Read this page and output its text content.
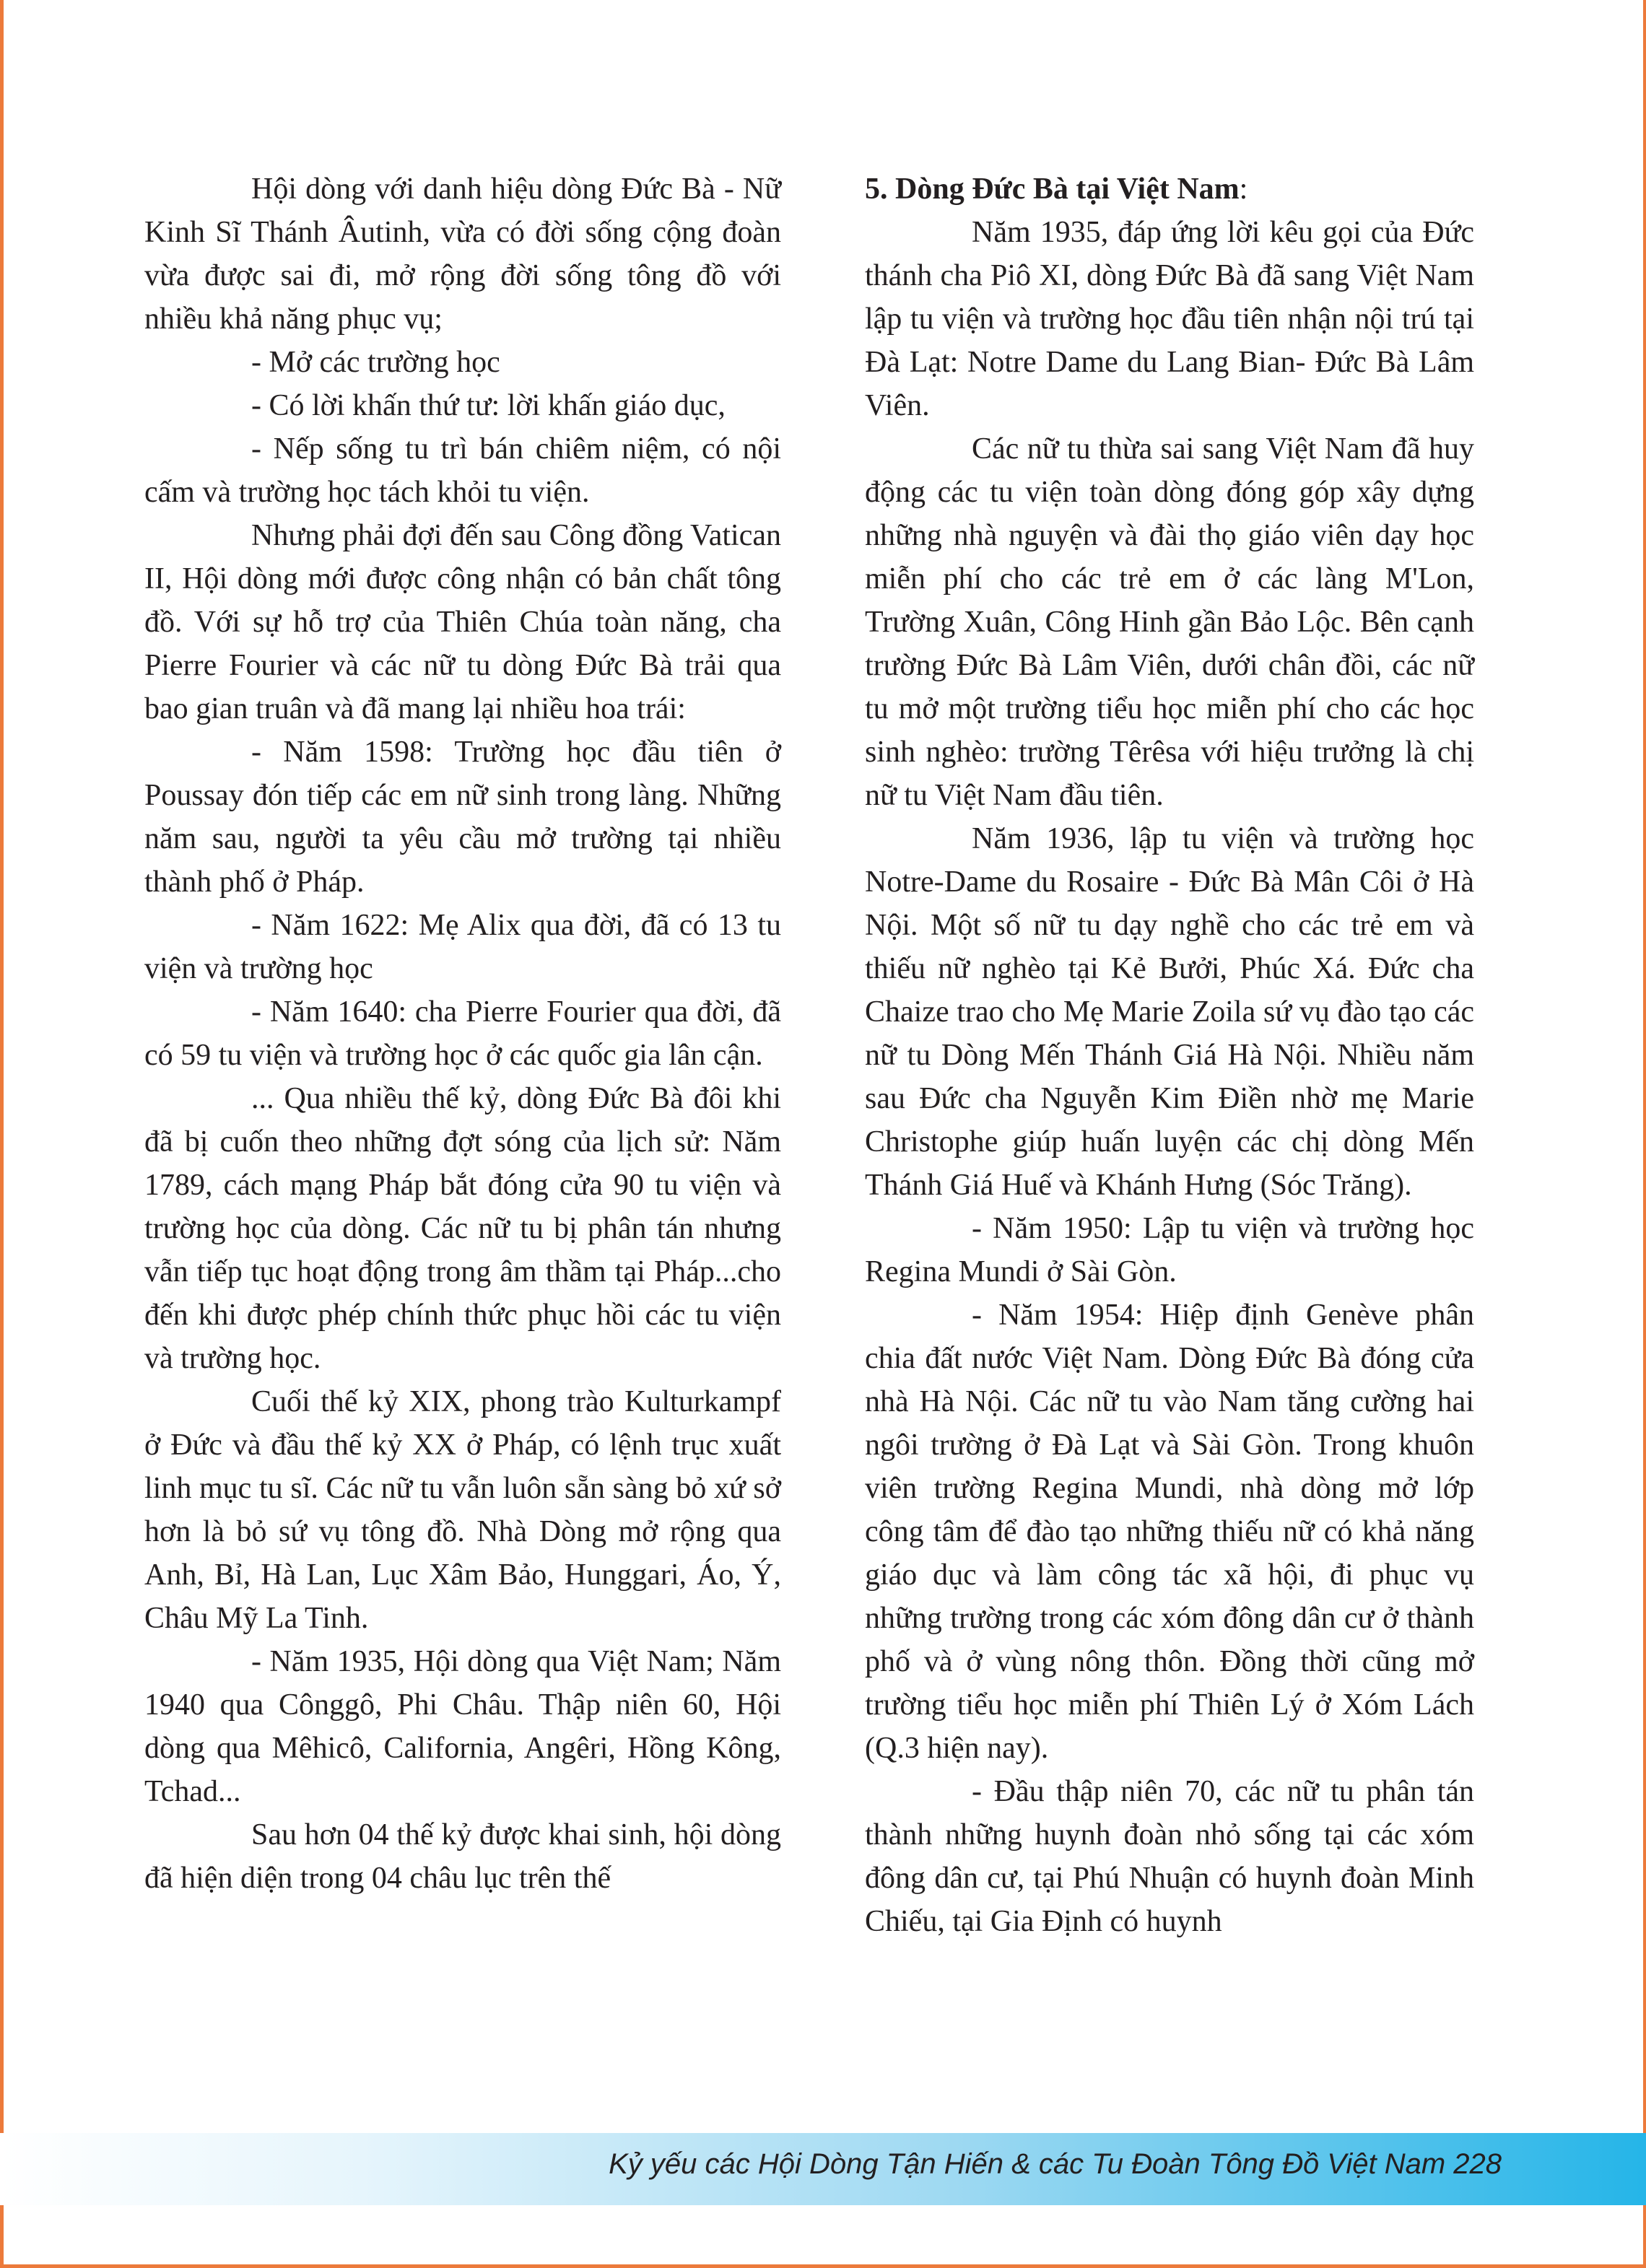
Hội dòng với danh hiệu dòng Đức Bà - Nữ Kinh Sĩ Thánh Âutinh, vừa có đời sống cộng đoàn vừa được sai đi, mở rộng đời sống tông đồ với nhiều khả năng phục vụ;

- Mở các trường học

- Có lời khấn thứ tư: lời khấn giáo dục,

- Nếp sống tu trì bán chiêm niệm, có nội cấm và trường học tách khỏi tu viện.

Nhưng phải đợi đến sau Công đồng Vatican II, Hội dòng mới được công nhận có bản chất tông đồ. Với sự hỗ trợ của Thiên Chúa toàn năng, cha Pierre Fourier và các nữ tu dòng Đức Bà trải qua bao gian truân và đã mang lại nhiều hoa trái:

- Năm 1598: Trường học đầu tiên ở Poussay đón tiếp các em nữ sinh trong làng. Những năm sau, người ta yêu cầu mở trường tại nhiều thành phố ở Pháp.

- Năm 1622: Mẹ Alix qua đời, đã có 13 tu viện và trường học

- Năm 1640: cha Pierre Fourier qua đời, đã có 59 tu viện và trường học ở các quốc gia lân cận.

... Qua nhiều thế kỷ, dòng Đức Bà đôi khi đã bị cuốn theo những đợt sóng của lịch sử: Năm 1789, cách mạng Pháp bắt đóng cửa 90 tu viện và trường học của dòng. Các nữ tu bị phân tán nhưng vẫn tiếp tục hoạt động trong âm thầm tại Pháp...cho đến khi được phép chính thức phục hồi các tu viện và trường học.

Cuối thế kỷ XIX, phong trào Kulturkampf ở Đức và đầu thế kỷ XX ở Pháp, có lệnh trục xuất linh mục tu sĩ. Các nữ tu vẫn luôn sẵn sàng bỏ xứ sở hơn là bỏ sứ vụ tông đồ. Nhà Dòng mở rộng qua Anh, Bỉ, Hà Lan, Lục Xâm Bảo, Hunggari, Áo, Ý, Châu Mỹ La Tinh.

- Năm 1935, Hội dòng qua Việt Nam; Năm 1940 qua Cônggô, Phi Châu. Thập niên 60, Hội dòng qua Mêhicô, California, Angêri, Hồng Kông, Tchad...

Sau hơn 04 thế kỷ được khai sinh, hội dòng đã hiện diện trong 04 châu lục trên thế

5. Dòng Đức Bà tại Việt Nam:

Năm 1935, đáp ứng lời kêu gọi của Đức thánh cha Piô XI, dòng Đức Bà đã sang Việt Nam lập tu viện và trường học đầu tiên nhận nội trú tại Đà Lạt: Notre Dame du Lang Bian- Đức Bà Lâm Viên.

Các nữ tu thừa sai sang Việt Nam đã huy động các tu viện toàn dòng đóng góp xây dựng những nhà nguyện và đài thọ giáo viên dạy học miễn phí cho các trẻ em ở các làng M'Lon, Trường Xuân, Công Hinh gần Bảo Lộc. Bên cạnh trường Đức Bà Lâm Viên, dưới chân đồi, các nữ tu mở một trường tiểu học miễn phí cho các học sinh nghèo: trường Têrêsa với hiệu trưởng là chị nữ tu Việt Nam đầu tiên.

Năm 1936, lập tu viện và trường học Notre-Dame du Rosaire - Đức Bà Mân Côi ở Hà Nội. Một số nữ tu dạy nghề cho các trẻ em và thiếu nữ nghèo tại Kẻ Bưởi, Phúc Xá. Đức cha Chaize trao cho Mẹ Marie Zoila sứ vụ đào tạo các nữ tu Dòng Mến Thánh Giá Hà Nội. Nhiều năm sau Đức cha Nguyễn Kim Điền nhờ mẹ Marie Christophe giúp huấn luyện các chị dòng Mến Thánh Giá Huế và Khánh Hưng (Sóc Trăng).

- Năm 1950: Lập tu viện và trường học Regina Mundi ở Sài Gòn.

- Năm 1954: Hiệp định Genève phân chia đất nước Việt Nam. Dòng Đức Bà đóng cửa nhà Hà Nội. Các nữ tu vào Nam tăng cường hai ngôi trường ở Đà Lạt và Sài Gòn. Trong khuôn viên trường Regina Mundi, nhà dòng mở lớp công tâm để đào tạo những thiếu nữ có khả năng giáo dục và làm công tác xã hội, đi phục vụ những trường trong các xóm đông dân cư ở thành phố và ở vùng nông thôn. Đồng thời cũng mở trường tiểu học miễn phí Thiên Lý ở Xóm Lách (Q.3 hiện nay).

- Đầu thập niên 70, các nữ tu phân tán thành những huynh đoàn nhỏ sống tại các xóm đông dân cư, tại Phú Nhuận có huynh đoàn Minh Chiếu, tại Gia Định có huynh

Kỷ yếu các Hội Dòng Tận Hiến & các Tu Đoàn Tông Đồ Việt Nam 228
